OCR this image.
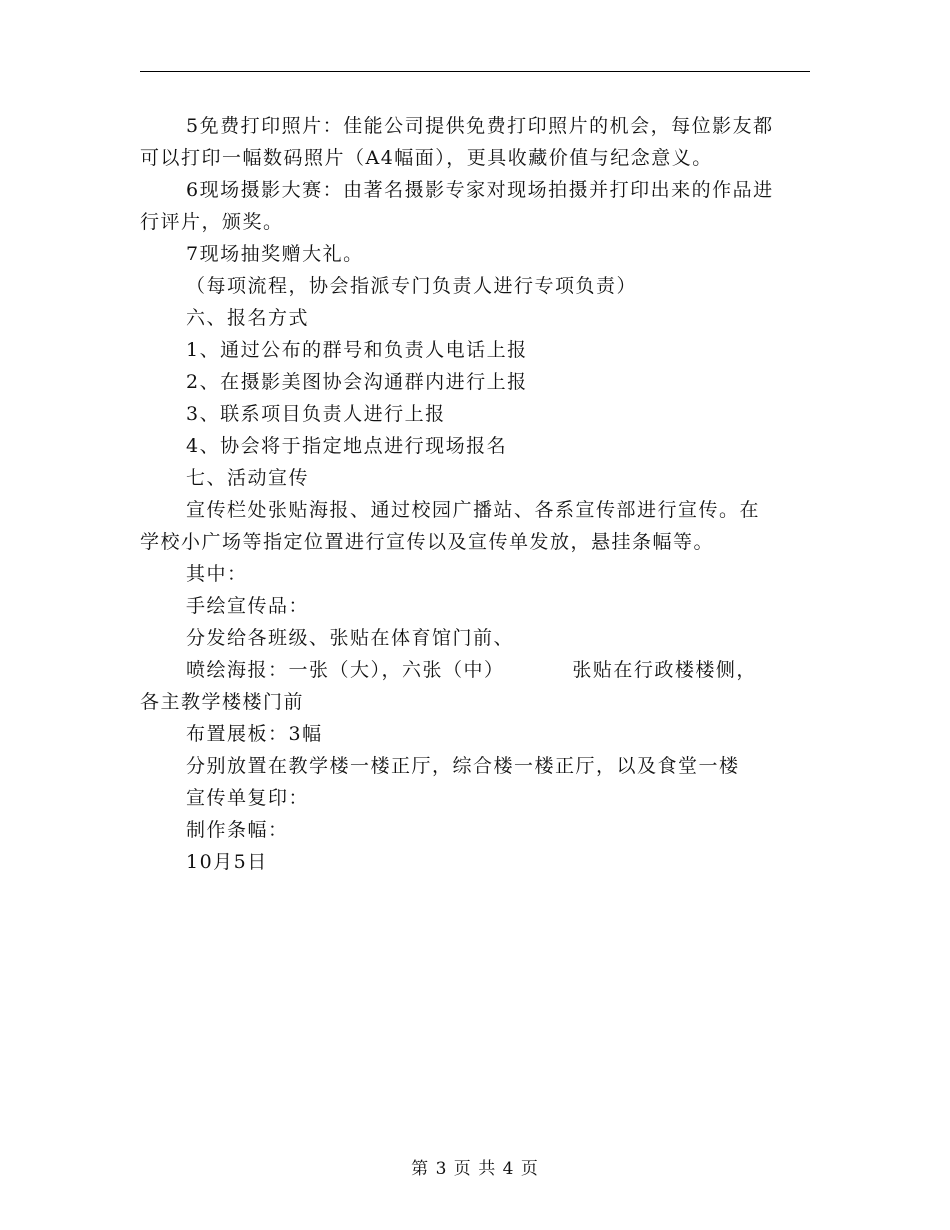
5免费打印照片：佳能公司提供免费打印照片的机会，每位影友都

可以打印一幅数码照片（A4幅面），更具收藏价值与纪念意义。

6现场摄影大赛：由著名摄影专家对现场拍摄并打印出来的作品进

行评片，颁奖。

7现场抽奖赠大礼。

（每项流程，协会指派专门负责人进行专项负责）

六、报名方式

1、通过公布的群号和负责人电话上报

2、在摄影美图协会沟通群内进行上报

3、联系项目负责人进行上报

4、协会将于指定地点进行现场报名

七、活动宣传

宣传栏处张贴海报、通过校园广播站、各系宣传部进行宣传。在

学校小广场等指定位置进行宣传以及宣传单发放，悬挂条幅等。

其中：

手绘宣传品：

分发给各班级、张贴在体育馆门前、

喷绘海报：一张（大），六张（中）         张贴在行政楼楼侧，

各主教学楼楼门前

布置展板：3幅

分别放置在教学楼一楼正厅，综合楼一楼正厅，以及食堂一楼

宣传单复印：

制作条幅：

10月5日

第 3 页 共 4 页
